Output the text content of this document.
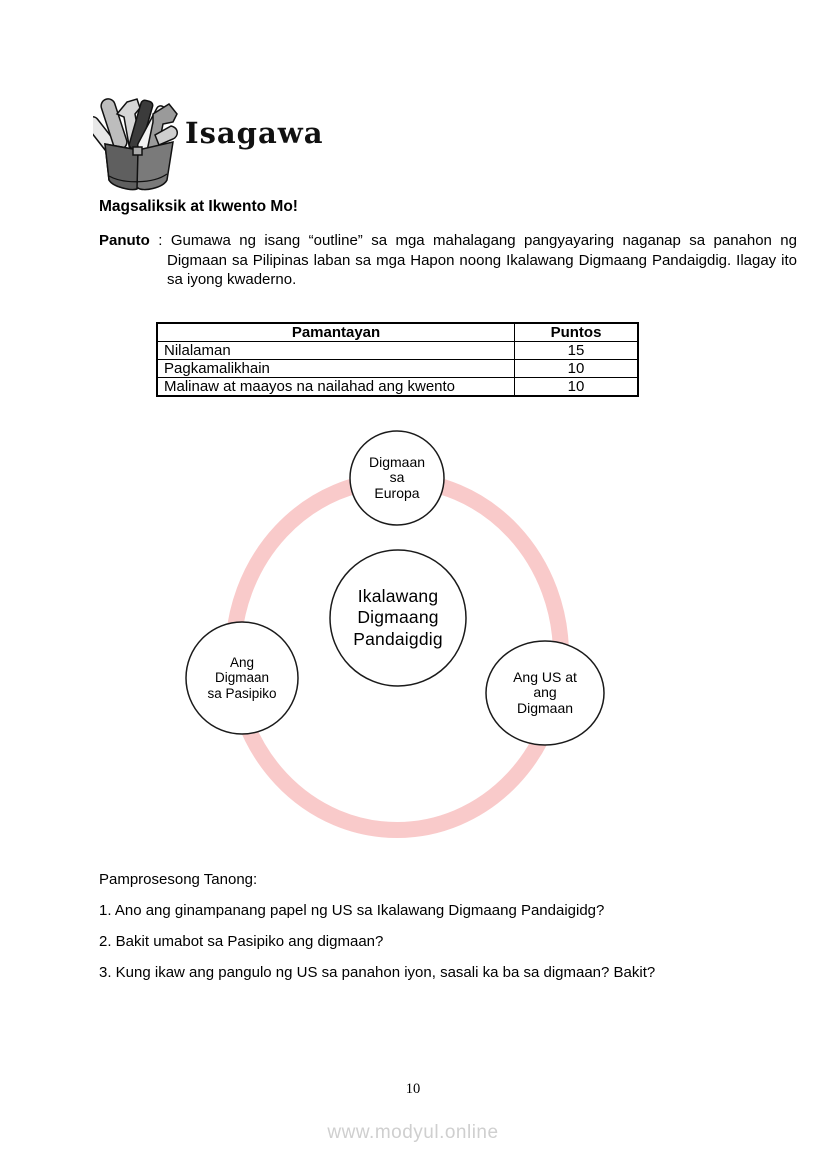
Isagawa
Magsaliksik at Ikwento Mo!

Panuto : Gumawa ng isang “outline” sa mga mahalagang pangyayaring naganap sa panahon ng Digmaan sa Pilipinas laban sa mga Hapon noong Ikalawang Digmaang Pandaigdig. Ilagay ito sa iyong kwaderno.

Pamantayan	Puntos
Nilalaman	15
Pagkamalikhain	10
Malinaw at maayos na nailahad ang kwento	10
Digmaan
sa
Europa
Ikalawang
Digmaang
Pandaigdig
Ang
Digmaan
sa Pasipiko
Ang US at
ang
Digmaan
Pamprosesong Tanong:
1. Ano ang ginampanang papel ng US sa Ikalawang Digmaang Pandaigidg?
2. Bakit umabot sa Pasipiko ang digmaan?
3. Kung ikaw ang pangulo ng US sa panahon iyon, sasali ka ba sa digmaan? Bakit?
10
www.modyul.online
